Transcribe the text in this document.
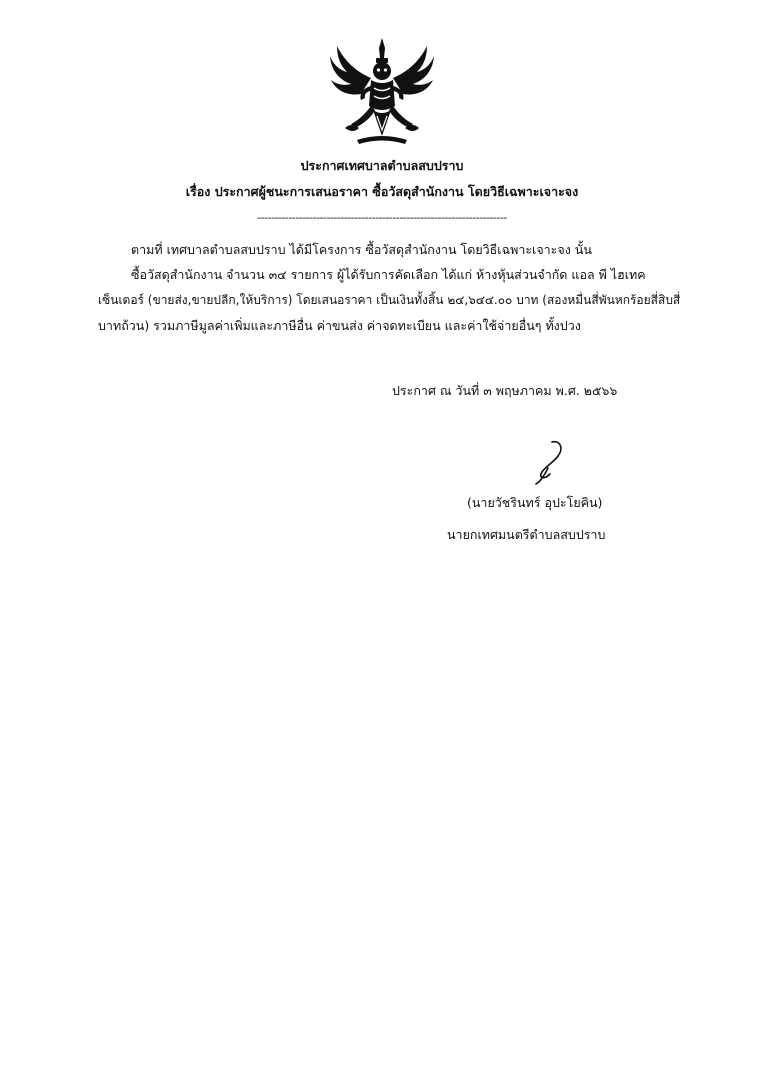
ประกาศเทศบาลตำบลสบปราบ
เรื่อง ประกาศผู้ชนะการเสนอราคา ซื้อวัสดุสำนักงาน โดยวิธีเฉพาะเจาะจง
------------------------------------------------------------------------
ตามที่ เทศบาลตำบลสบปราบ ได้มีโครงการ ซื้อวัสดุสำนักงาน โดยวิธีเฉพาะเจาะจง นั้น
ซื้อวัสดุสำนักงาน จำนวน ๓๔ รายการ ผู้ได้รับการคัดเลือก ได้แก่ ห้างหุ้นส่วนจำกัด แอล พี ไฮเทค
เซ็นเตอร์ (ขายส่ง,ขายปลีก,ให้บริการ) โดยเสนอราคา เป็นเงินทั้งสิ้น ๒๔,๖๔๔.๐๐ บาท (สองหมื่นสี่พันหกร้อยสี่สิบสี่
บาทถ้วน) รวมภาษีมูลค่าเพิ่มและภาษีอื่น ค่าขนส่ง ค่าจดทะเบียน และค่าใช้จ่ายอื่นๆ ทั้งปวง
ประกาศ ณ วันที่ ๓ พฤษภาคม พ.ศ. ๒๕๖๖
(นายวัชรินทร์ อุปะโยคิน)
นายกเทศมนตรีตำบลสบปราบ
